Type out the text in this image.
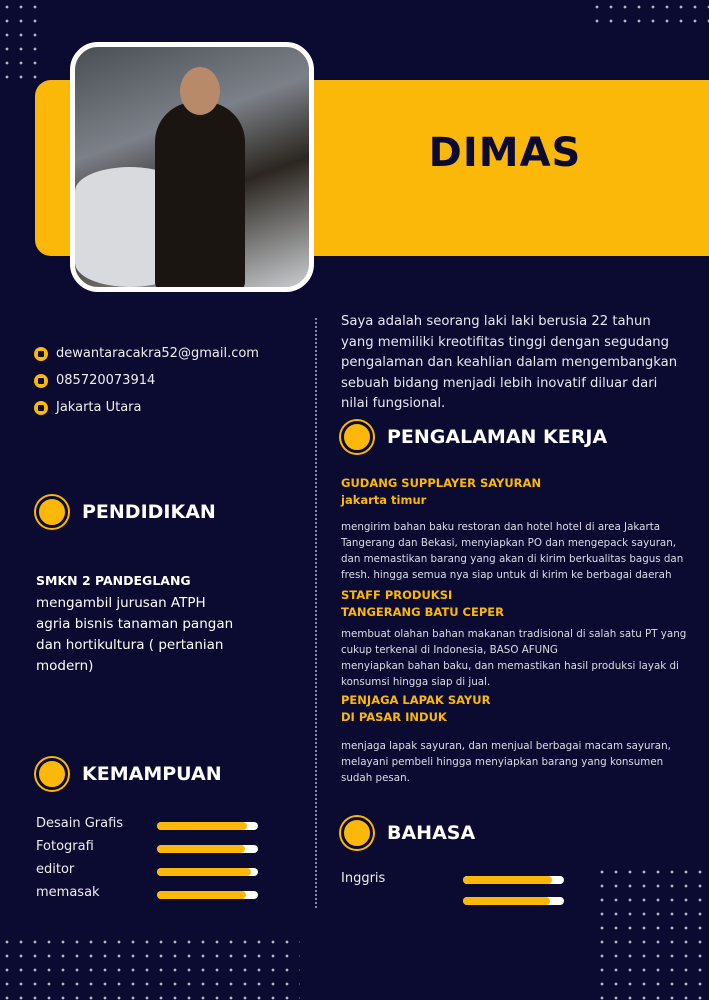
DIMAS
Saya adalah seorang laki laki berusia 22 tahun yang memiliki kreotifitas tinggi dengan segudang pengalaman dan keahlian dalam mengembangkan sebuah bidang menjadi lebih inovatif diluar dari nilai fungsional.
dewantaracakra52@gmail.com
085720073914
Jakarta Utara
PENDIDIKAN
SMKN 2 PANDEGLANG
mengambil jurusan ATPH agria bisnis tanaman pangan dan hortikultura ( pertanian modern)
KEMAMPUAN
Desain Grafis
Fotografi
editor
memasak
PENGALAMAN KERJA
GUDANG SUPPLAYER SAYURAN
jakarta timur
mengirim bahan baku restoran dan hotel hotel di area Jakarta Tangerang dan Bekasi, menyiapkan PO dan mengepack sayuran, dan memastikan barang yang akan di kirim berkualitas bagus dan fresh. hingga semua nya siap untuk di kirim ke berbagai daerah
STAFF PRODUKSI
TANGERANG BATU CEPER
membuat olahan bahan makanan tradisional di salah satu PT yang cukup terkenal di Indonesia, BASO AFUNG
menyiapkan bahan baku, dan memastikan hasil produksi layak di konsumsi hingga siap di jual.
PENJAGA LAPAK SAYUR
DI PASAR INDUK
menjaga lapak sayuran, dan menjual berbagai macam sayuran, melayani pembeli hingga menyiapkan barang yang konsumen sudah pesan.
BAHASA
Inggris
